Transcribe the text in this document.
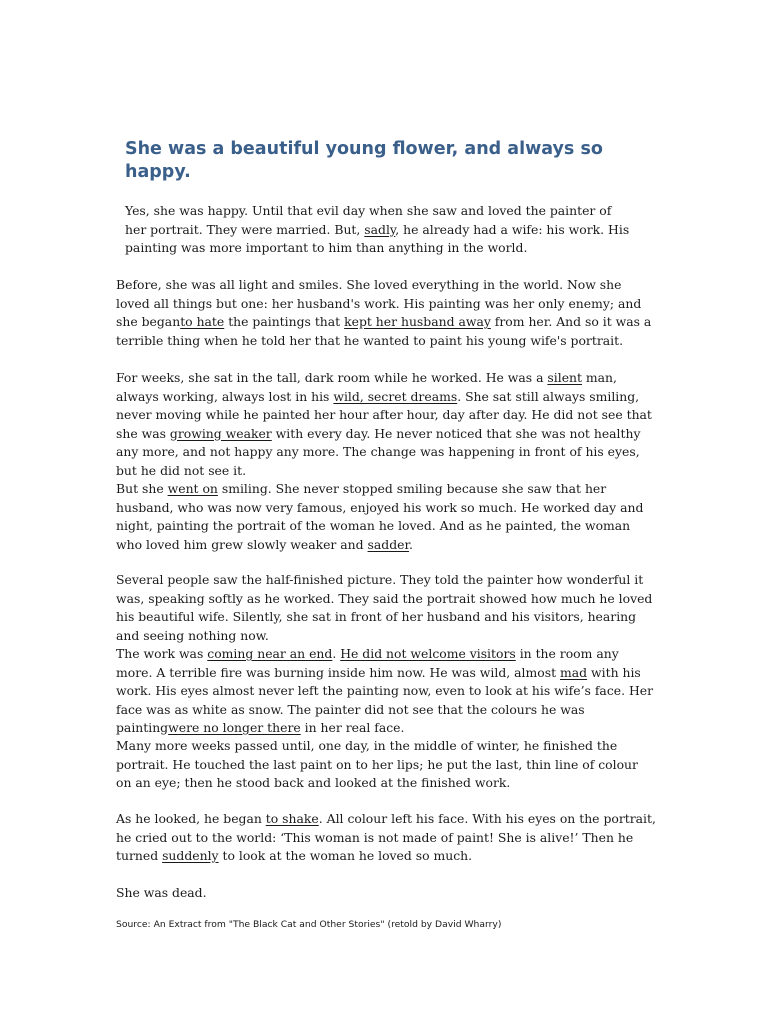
She was a beautiful young flower, and always so happy.

Yes, she was happy. Until that evil day when she saw and loved the painter of her portrait. They were married. But, sadly, he already had a wife: his work. His painting was more important to him than anything in the world.

Before, she was all light and smiles. She loved everything in the world. Now she loved all things but one: her husband's work. His painting was her only enemy; and she beganto hate the paintings that kept her husband away from her. And so it was a terrible thing when he told her that he wanted to paint his young wife's portrait.

For weeks, she sat in the tall, dark room while he worked. He was a silent man, always working, always lost in his wild, secret dreams. She sat still always smiling, never moving while he painted her hour after hour, day after day. He did not see that she was growing weaker with every day. He never noticed that she was not healthy any more, and not happy any more. The change was happening in front of his eyes, but he did not see it.

But she went on smiling. She never stopped smiling because she saw that her husband, who was now very famous, enjoyed his work so much. He worked day and night, painting the portrait of the woman he loved. And as he painted, the woman who loved him grew slowly weaker and sadder.

Several people saw the half-finished picture. They told the painter how wonderful it was, speaking softly as he worked. They said the portrait showed how much he loved his beautiful wife. Silently, she sat in front of her husband and his visitors, hearing and seeing nothing now.

The work was coming near an end. He did not welcome visitors in the room any more. A terrible fire was burning inside him now. He was wild, almost mad with his work. His eyes almost never left the painting now, even to look at his wife’s face. Her face was as white as snow. The painter did not see that the colours he was paintingwere no longer there in her real face.

Many more weeks passed until, one day, in the middle of winter, he finished the portrait. He touched the last paint on to her lips; he put the last, thin line of colour on an eye; then he stood back and looked at the finished work.

As he looked, he began to shake. All colour left his face. With his eyes on the portrait, he cried out to the world: ‘This woman is not made of paint! She is alive!’ Then he turned suddenly to look at the woman he loved so much.

She was dead.

Source: An Extract from "The Black Cat and Other Stories" (retold by David Wharry)
